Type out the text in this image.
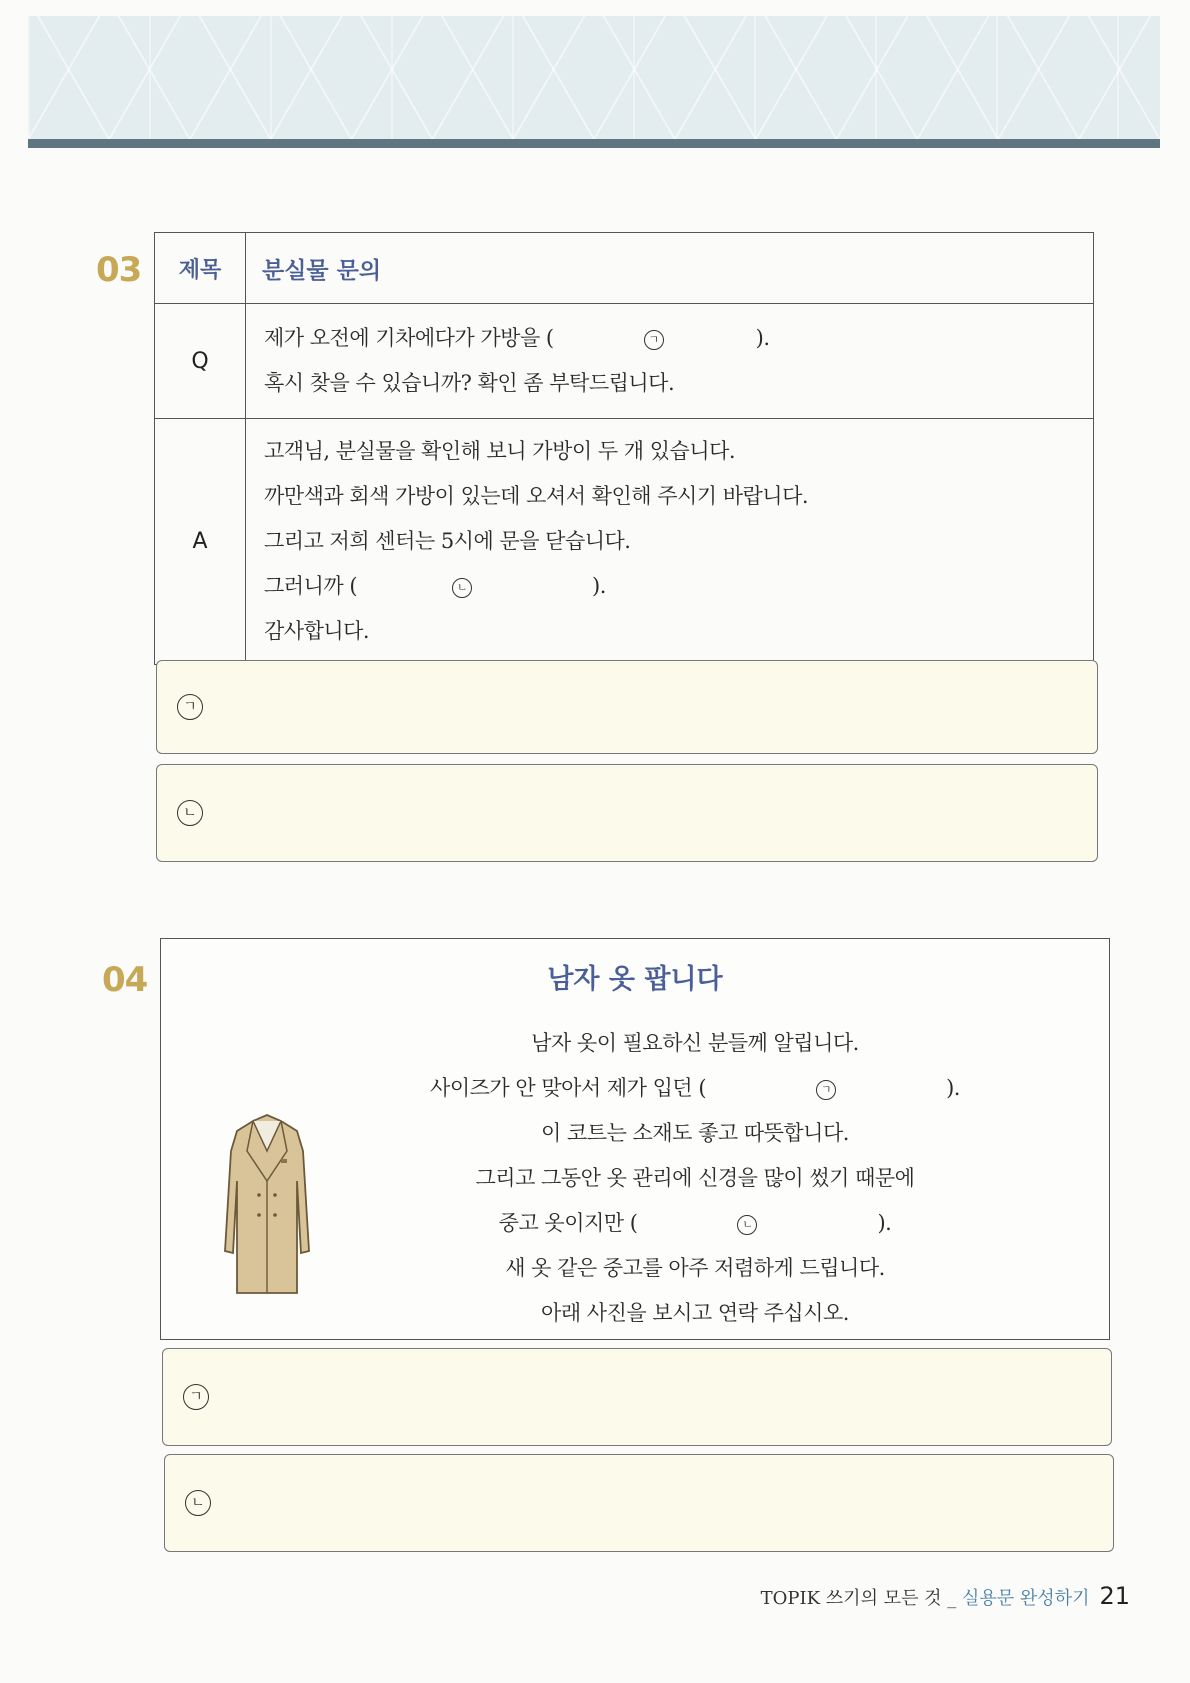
03 제목	분실물 문의
Q	제가 오전에 기차에다가 가방을 ( ㄱ ).
혹시 찾을 수 있습니까? 확인 좀 부탁드립니다.

A	고객님, 분실물을 확인해 보니 가방이 두 개 있습니다.
까만색과 회색 가방이 있는데 오셔서 확인해 주시기 바랍니다.
그리고 저희 센터는 5시에 문을 닫습니다.
그러니까 ( ㄴ ).
감사합니다.
ㄱ
ㄴ
04	남자 옷 팝니다
남자 옷이 필요하신 분들께 알립니다.
사이즈가 안 맞아서 제가 입던 (	ㄱ	).
이 코트는 소재도 좋고 따뜻합니다.
그리고 그동안 옷 관리에 신경을 많이 썼기 때문에
중고 옷이지만 (	ㄴ	).
새 옷 같은 중고를 아주 저렴하게 드립니다.
아래 사진을 보시고 연락 주십시오.
ㄱ
ㄴ
TOPIK 쓰기의 모든 것 _ 실용문 완성하기 21
